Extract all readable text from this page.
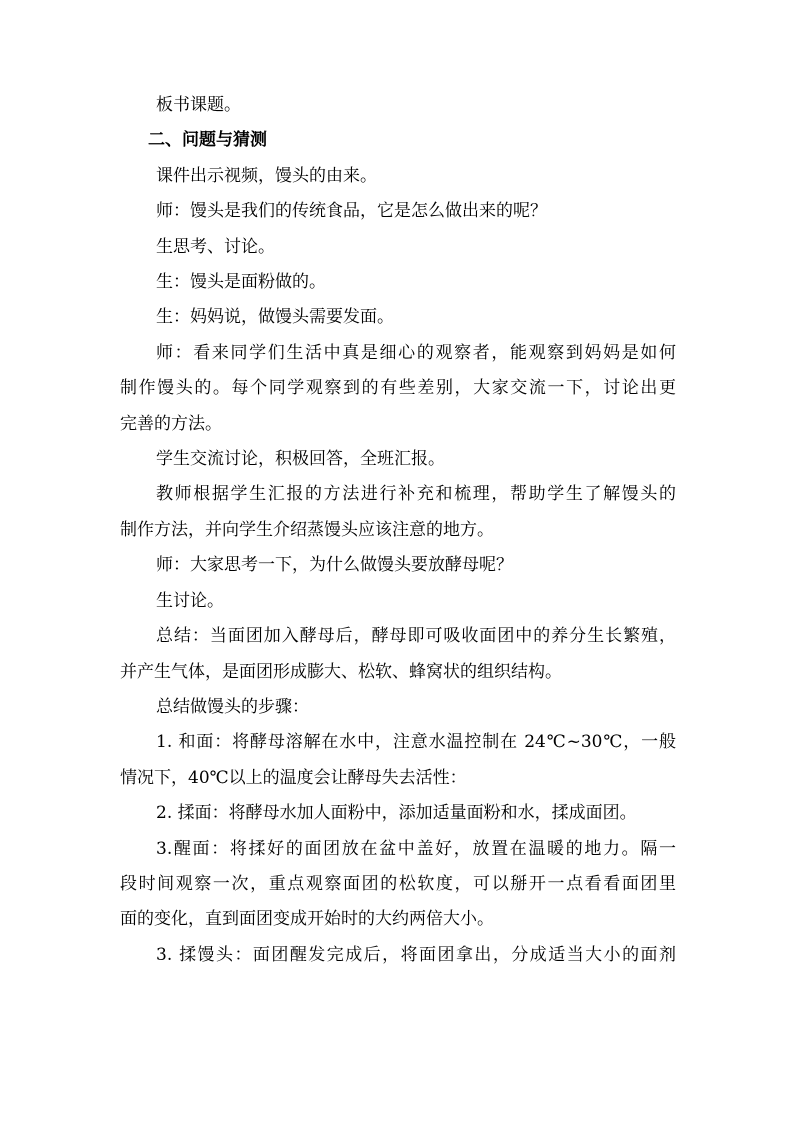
板书课题。
二、问题与猜测
课件出示视频，馒头的由来。
师：馒头是我们的传统食品，它是怎么做出来的呢？
生思考、讨论。
生：馒头是面粉做的。
生：妈妈说，做馒头需要发面。
师：看来同学们生活中真是细心的观察者，能观察到妈妈是如何
制作馒头的。每个同学观察到的有些差别，大家交流一下，讨论出更
完善的方法。
学生交流讨论，积极回答，全班汇报。
教师根据学生汇报的方法进行补充和梳理，帮助学生了解馒头的
制作方法，并向学生介绍蒸馒头应该注意的地方。
师：大家思考一下，为什么做馒头要放酵母呢？
生讨论。
总结：当面团加入酵母后，酵母即可吸收面团中的养分生长繁殖，
并产生气体，是面团形成膨大、松软、蜂窝状的组织结构。
总结做馒头的步骤：
1. 和面：将酵母溶解在水中，注意水温控制在 24℃~30℃，一般
情况下，40℃以上的温度会让酵母失去活性：
2. 揉面：将酵母水加人面粉中，添加适量面粉和水，揉成面团。
3.醒面：将揉好的面团放在盆中盖好，放置在温暖的地力。隔一
段时间观察一次，重点观察面团的松软度，可以掰开一点看看面团里
面的变化，直到面团变成开始时的大约两倍大小。
3. 揉馒头：面团醒发完成后，将面团拿出，分成适当大小的面剂
